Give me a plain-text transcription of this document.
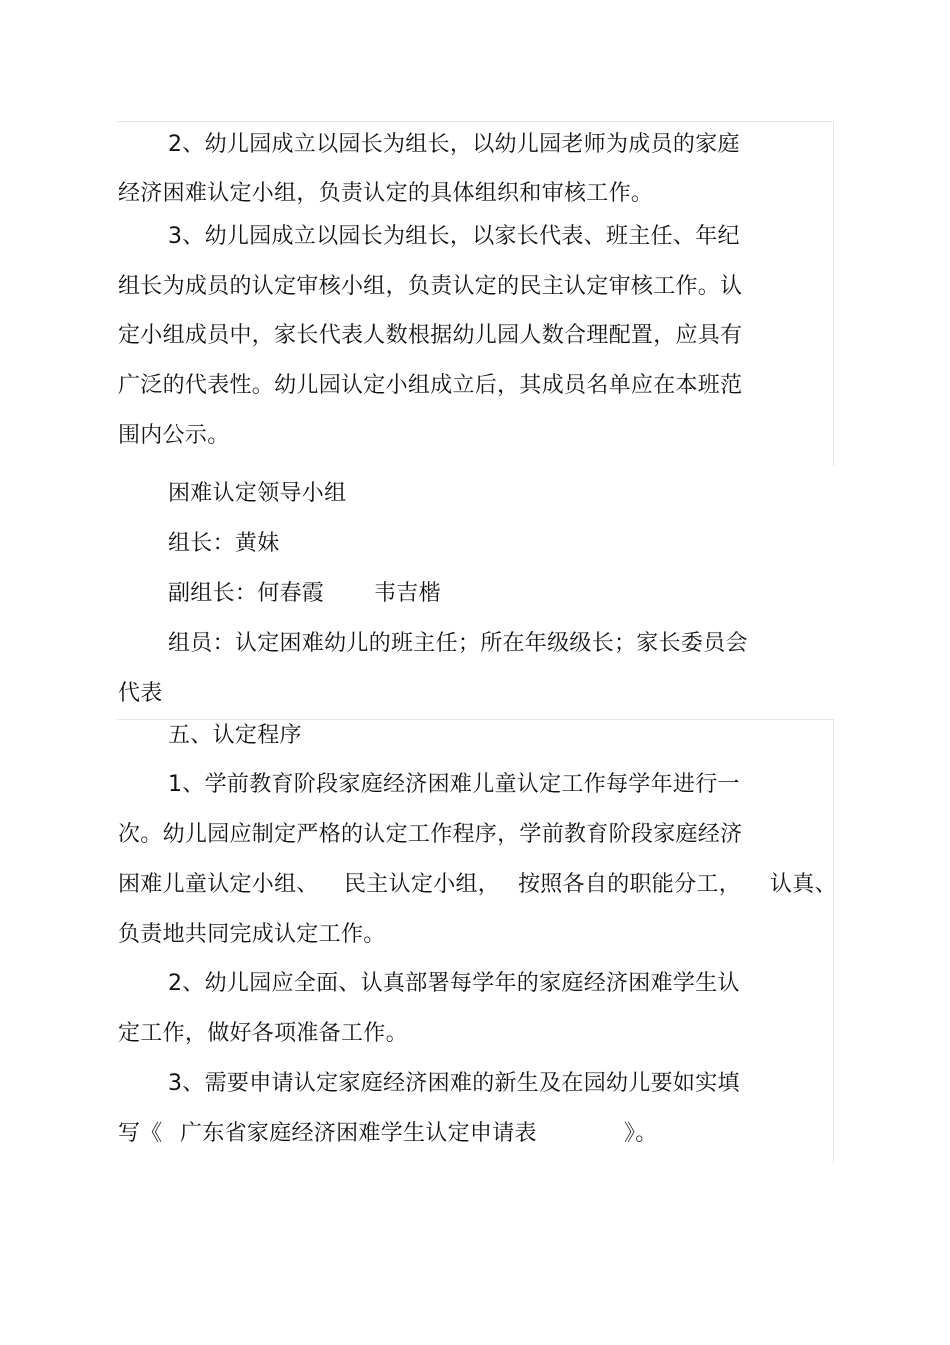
2、幼儿园成立以园长为组长，以幼儿园老师为成员的家庭
经济困难认定小组，负责认定的具体组织和审核工作。
3、幼儿园成立以园长为组长，以家长代表、班主任、年纪
组长为成员的认定审核小组，负责认定的民主认定审核工作。认
定小组成员中，家长代表人数根据幼儿园人数合理配置，应具有
广泛的代表性。幼儿园认定小组成立后，其成员名单应在本班范
围内公示。
困难认定领导小组
组长：黄妹

副组长：何春霞

韦吉楷

组员：认定困难幼儿的班主任；所在年级级长；家长委员会
代表
五、认定程序
1、学前教育阶段家庭经济困难儿童认定工作每学年进行一
次。幼儿园应制定严格的认定工作程序，学前教育阶段家庭经济

困难儿童认定小组、

民主认定小组，

按照各自的职能分工，

认真、

负责地共同完成认定工作。
2、幼儿园应全面、认真部署每学年的家庭经济困难学生认
定工作，做好各项准备工作。
3、需要申请认定家庭经济困难的新生及在园幼儿要如实填

写《

广东省家庭经济困难学生认定申请表

	》。
